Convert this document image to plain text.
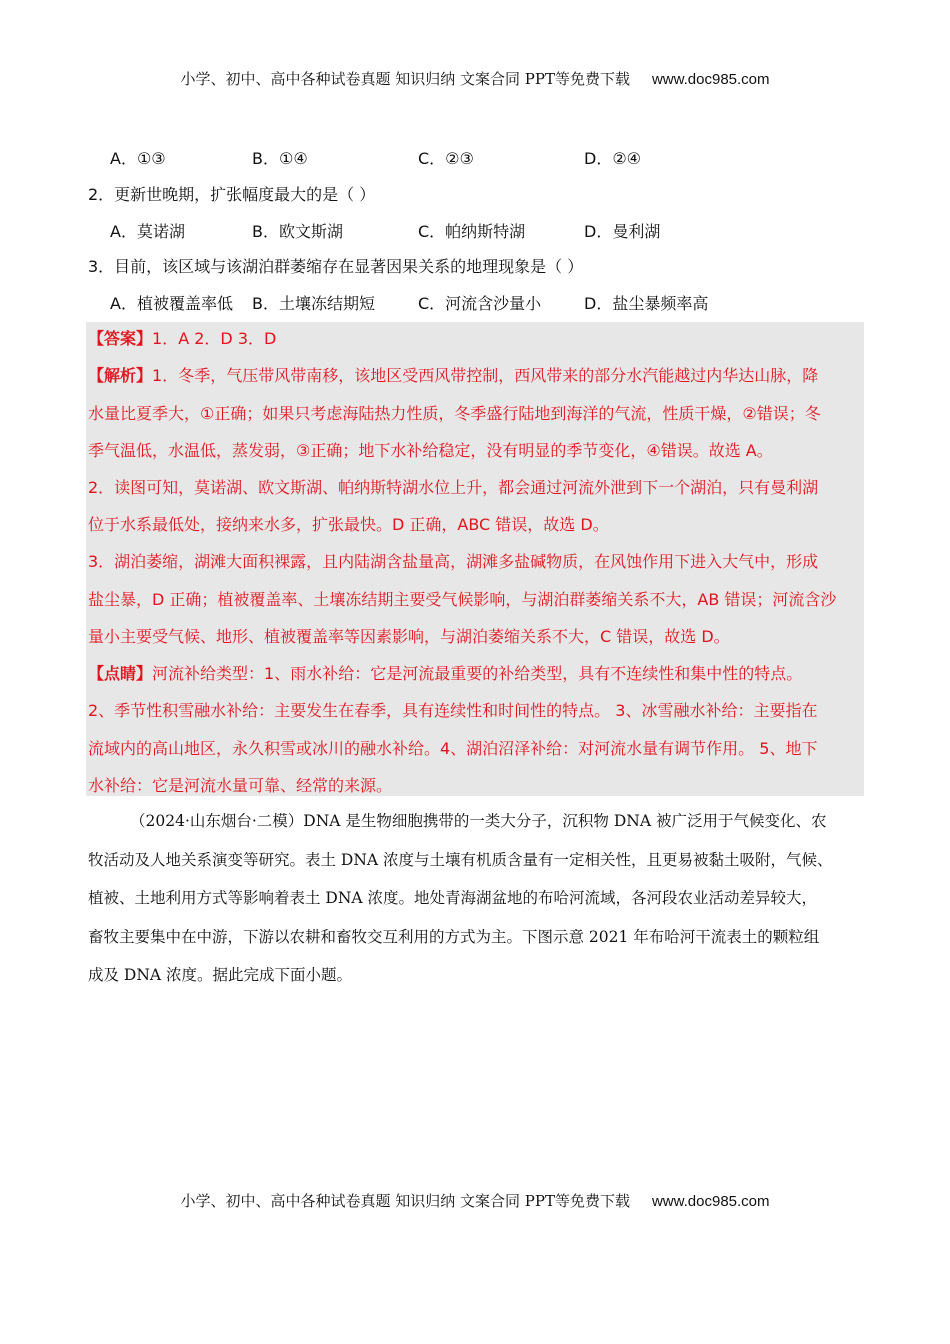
小学、初中、高中各种试卷真题 知识归纳 文案合同 PPT等免费下载 www.doc985.com
A．①③	B．①④	C．②③	D．②④
2．更新世晚期，扩张幅度最大的是（ ）
A．莫诺湖	B．欧文斯湖	C．帕纳斯特湖	D．曼利湖
3．目前，该区域与该湖泊群萎缩存在显著因果关系的地理现象是（ ）
A．植被覆盖率低 B．土壤冻结期短	C．河流含沙量小	D．盐尘暴频率高
【答案】1．A 2．D 3．D
【解析】1．冬季，气压带风带南移，该地区受西风带控制，西风带来的部分水汽能越过内华达山脉，降
水量比夏季大，①正确；如果只考虑海陆热力性质，冬季盛行陆地到海洋的气流，性质干燥，②错误；冬
季气温低，水温低，蒸发弱，③正确；地下水补给稳定，没有明显的季节变化，④错误。故选 A。
2．读图可知，莫诺湖、欧文斯湖、帕纳斯特湖水位上升，都会通过河流外泄到下一个湖泊，只有曼利湖
位于水系最低处，接纳来水多，扩张最快。D 正确，ABC 错误，故选 D。
3．湖泊萎缩，湖滩大面积裸露，且内陆湖含盐量高，湖滩多盐碱物质，在风蚀作用下进入大气中，形成
盐尘暴，D 正确；植被覆盖率、土壤冻结期主要受气候影响，与湖泊群萎缩关系不大，AB 错误；河流含沙
量小主要受气候、地形、植被覆盖率等因素影响，与湖泊萎缩关系不大，C 错误，故选 D。
【点睛】河流补给类型：1、雨水补给：它是河流最重要的补给类型，具有不连续性和集中性的特点。
2、季节性积雪融水补给：主要发生在春季，具有连续性和时间性的特点。 3、冰雪融水补给：主要指在
流域内的高山地区，永久积雪或冰川的融水补给。4、湖泊沼泽补给：对河流水量有调节作用。 5、地下
水补给：它是河流水量可靠、经常的来源。
（2024·山东烟台·二模）DNA 是生物细胞携带的一类大分子，沉积物 DNA 被广泛用于气候变化、农
牧活动及人地关系演变等研究。表土 DNA 浓度与土壤有机质含量有一定相关性，且更易被黏土吸附，气候、
植被、土地利用方式等影响着表土 DNA 浓度。地处青海湖盆地的布哈河流域，各河段农业活动差异较大，
畜牧主要集中在中游，下游以农耕和畜牧交互利用的方式为主。下图示意 2021 年布哈河干流表土的颗粒组
成及 DNA 浓度。据此完成下面小题。
小学、初中、高中各种试卷真题 知识归纳 文案合同 PPT等免费下载 www.doc985.com
